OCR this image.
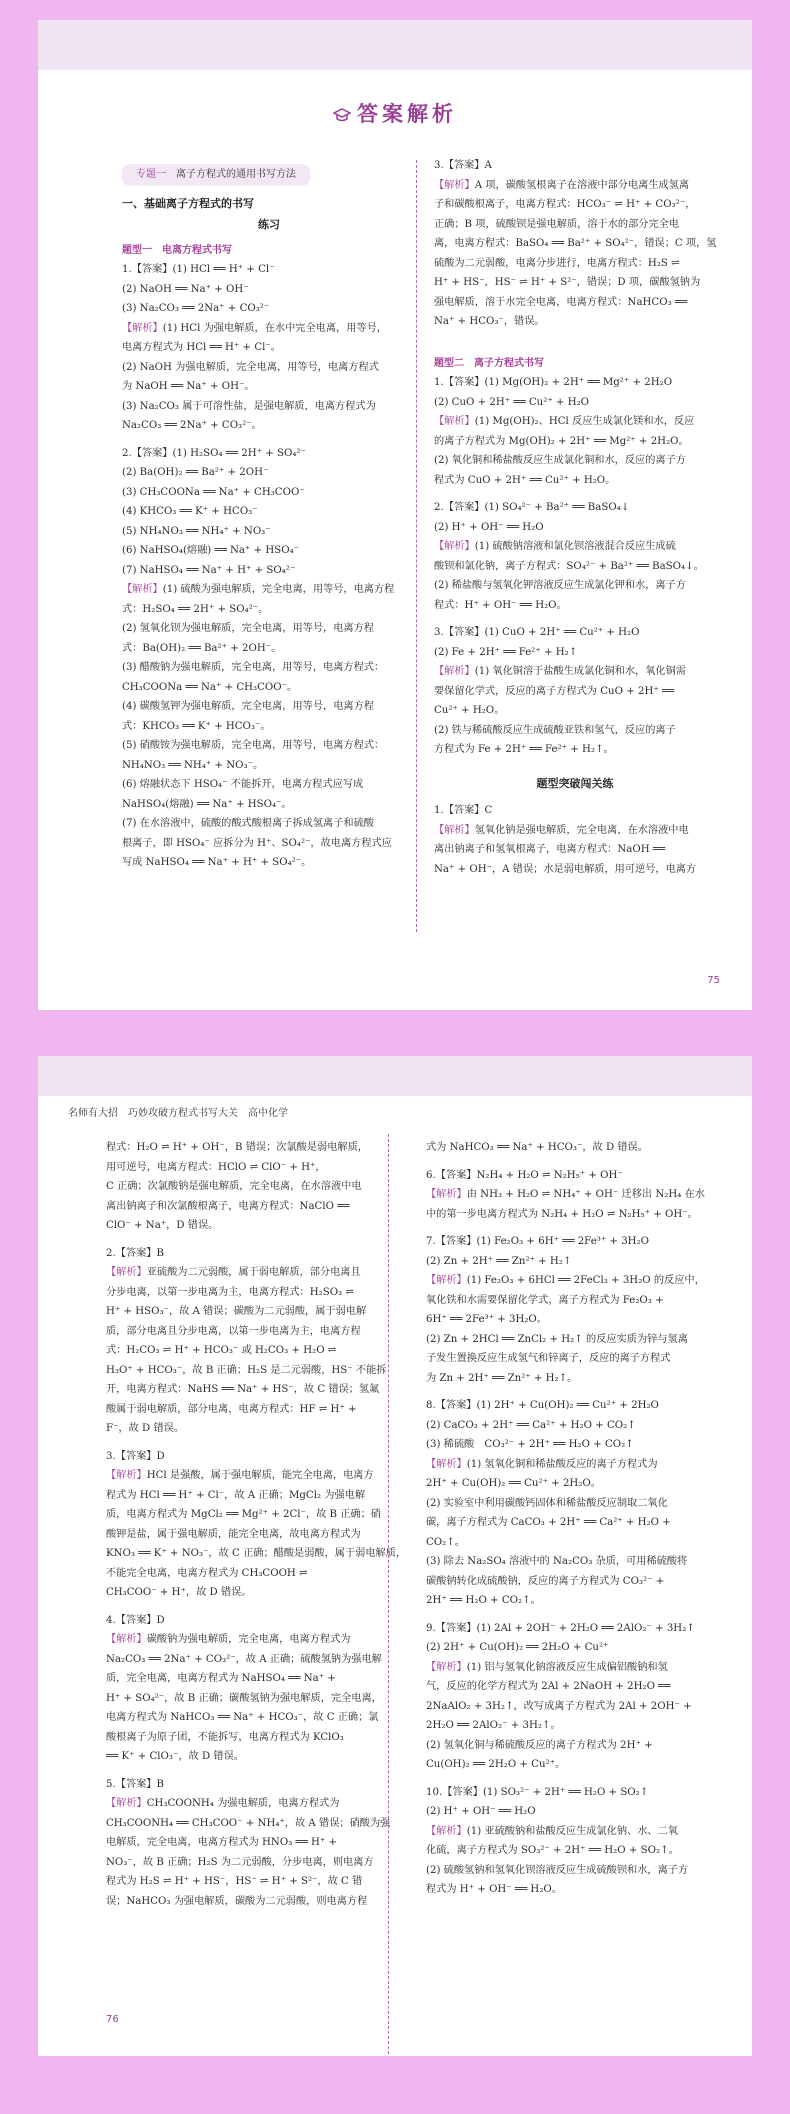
答案解析
专题一 离子方程式的通用书写方法
一、基础离子方程式的书写
练习
题型一　电离方程式书写
1.【答案】(1) HCl ══ H⁺ + Cl⁻
(2) NaOH ══ Na⁺ + OH⁻
(3) Na₂CO₃ ══ 2Na⁺ + CO₃²⁻
【解析】(1) HCl 为强电解质，在水中完全电离，用等号，
电离方程式为 HCl ══ H⁺ + Cl⁻。
(2) NaOH 为强电解质，完全电离，用等号，电离方程式
为 NaOH ══ Na⁺ + OH⁻。
(3) Na₂CO₃ 属于可溶性盐，是强电解质，电离方程式为
Na₂CO₃ ══ 2Na⁺ + CO₃²⁻。
2.【答案】(1) H₂SO₄ ══ 2H⁺ + SO₄²⁻
(2) Ba(OH)₂ ══ Ba²⁺ + 2OH⁻
(3) CH₃COONa ══ Na⁺ + CH₃COO⁻
(4) KHCO₃ ══ K⁺ + HCO₃⁻
(5) NH₄NO₃ ══ NH₄⁺ + NO₃⁻
(6) NaHSO₄(熔融) ══ Na⁺ + HSO₄⁻
(7) NaHSO₄ ══ Na⁺ + H⁺ + SO₄²⁻
【解析】(1) 硫酸为强电解质，完全电离，用等号，电离方程
式：H₂SO₄ ══ 2H⁺ + SO₄²⁻。
(2) 氢氧化钡为强电解质，完全电离，用等号，电离方程
式：Ba(OH)₂ ══ Ba²⁺ + 2OH⁻。
(3) 醋酸钠为强电解质，完全电离，用等号，电离方程式：
CH₃COONa ══ Na⁺ + CH₃COO⁻。
(4) 碳酸氢钾为强电解质，完全电离，用等号，电离方程
式：KHCO₃ ══ K⁺ + HCO₃⁻。
(5) 硝酸铵为强电解质，完全电离，用等号，电离方程式：
NH₄NO₃ ══ NH₄⁺ + NO₃⁻。
(6) 熔融状态下 HSO₄⁻ 不能拆开，电离方程式应写成
NaHSO₄(熔融) ══ Na⁺ + HSO₄⁻。
(7) 在水溶液中，硫酸的酸式酸根离子拆成氢离子和硫酸
根离子，即 HSO₄⁻ 应拆分为 H⁺、SO₄²⁻，故电离方程式应
写成 NaHSO₄ ══ Na⁺ + H⁺ + SO₄²⁻。
3.【答案】A
【解析】A 项，碳酸氢根离子在溶液中部分电离生成氢离
子和碳酸根离子，电离方程式：HCO₃⁻ ⇌ H⁺ + CO₃²⁻，
正确；B 项，硫酸钡是强电解质，溶于水的部分完全电
离，电离方程式：BaSO₄ ══ Ba²⁺ + SO₄²⁻，错误；C 项，氢
硫酸为二元弱酸，电离分步进行，电离方程式：H₂S ⇌
H⁺ + HS⁻，HS⁻ ⇌ H⁺ + S²⁻，错误；D 项，碳酸氢钠为
强电解质，溶于水完全电离，电离方程式：NaHCO₃ ══
Na⁺ + HCO₃⁻，错误。
题型二　离子方程式书写
1.【答案】(1) Mg(OH)₂ + 2H⁺ ══ Mg²⁺ + 2H₂O
(2) CuO + 2H⁺ ══ Cu²⁺ + H₂O
【解析】(1) Mg(OH)₂、HCl 反应生成氯化镁和水，反应
的离子方程式为 Mg(OH)₂ + 2H⁺ ══ Mg²⁺ + 2H₂O。
(2) 氧化铜和稀盐酸反应生成氯化铜和水，反应的离子方
程式为 CuO + 2H⁺ ══ Cu²⁺ + H₂O。
2.【答案】(1) SO₄²⁻ + Ba²⁺ ══ BaSO₄↓
(2) H⁺ + OH⁻ ══ H₂O
【解析】(1) 硫酸钠溶液和氯化钡溶液混合反应生成硫
酸钡和氯化钠，离子方程式：SO₄²⁻ + Ba²⁺ ══ BaSO₄↓。
(2) 稀盐酸与氢氧化钾溶液反应生成氯化钾和水，离子方
程式：H⁺ + OH⁻ ══ H₂O。
3.【答案】(1) CuO + 2H⁺ ══ Cu²⁺ + H₂O
(2) Fe + 2H⁺ ══ Fe²⁺ + H₂↑
【解析】(1) 氧化铜溶于盐酸生成氯化铜和水，氧化铜需
要保留化学式，反应的离子方程式为 CuO + 2H⁺ ══
Cu²⁺ + H₂O。
(2) 铁与稀硫酸反应生成硫酸亚铁和氢气，反应的离子
方程式为 Fe + 2H⁺ ══ Fe²⁺ + H₂↑。
题型突破闯关练
1.【答案】C
【解析】氢氧化钠是强电解质，完全电离，在水溶液中电
离出钠离子和氢氧根离子，电离方程式：NaOH ══
Na⁺ + OH⁻，A 错误；水是弱电解质，用可逆号，电离方
75
名师有大招　巧妙攻破方程式书写大关　高中化学
程式：H₂O ⇌ H⁺ + OH⁻，B 错误；次氯酸是弱电解质，
用可逆号，电离方程式：HClO ⇌ ClO⁻ + H⁺，
C 正确；次氯酸钠是强电解质，完全电离，在水溶液中电
离出钠离子和次氯酸根离子，电离方程式：NaClO ══
ClO⁻ + Na⁺，D 错误。
2.【答案】B
【解析】亚硫酸为二元弱酸，属于弱电解质，部分电离且
分步电离，以第一步电离为主，电离方程式：H₂SO₃ ⇌
H⁺ + HSO₃⁻，故 A 错误；碳酸为二元弱酸，属于弱电解
质，部分电离且分步电离，以第一步电离为主，电离方程
式：H₂CO₃ ⇌ H⁺ + HCO₃⁻ 或 H₂CO₃ + H₂O ⇌
H₃O⁺ + HCO₃⁻，故 B 正确；H₂S 是二元弱酸，HS⁻ 不能拆
开，电离方程式：NaHS ══ Na⁺ + HS⁻，故 C 错误；氢氟
酸属于弱电解质，部分电离，电离方程式：HF ⇌ H⁺ +
F⁻，故 D 错误。
3.【答案】D
【解析】HCl 是强酸，属于强电解质，能完全电离，电离方
程式为 HCl ══ H⁺ + Cl⁻，故 A 正确；MgCl₂ 为强电解
质，电离方程式为 MgCl₂ ══ Mg²⁺ + 2Cl⁻，故 B 正确；硝
酸钾是盐，属于强电解质，能完全电离，故电离方程式为
KNO₃ ══ K⁺ + NO₃⁻，故 C 正确；醋酸是弱酸，属于弱电解质，
不能完全电离，电离方程式为 CH₃COOH ⇌
CH₃COO⁻ + H⁺，故 D 错误。
4.【答案】D
【解析】碳酸钠为强电解质，完全电离，电离方程式为
Na₂CO₃ ══ 2Na⁺ + CO₃²⁻，故 A 正确；硫酸氢钠为强电解
质，完全电离，电离方程式为 NaHSO₄ ══ Na⁺ +
H⁺ + SO₄²⁻，故 B 正确；碳酸氢钠为强电解质，完全电离，
电离方程式为 NaHCO₃ ══ Na⁺ + HCO₃⁻，故 C 正确；氯
酸根离子为原子团，不能拆写，电离方程式为 KClO₃
══ K⁺ + ClO₃⁻，故 D 错误。
5.【答案】B
【解析】CH₃COONH₄ 为强电解质，电离方程式为
CH₃COONH₄ ══ CH₃COO⁻ + NH₄⁺，故 A 错误；硝酸为强
电解质，完全电离，电离方程式为 HNO₃ ══ H⁺ +
NO₃⁻，故 B 正确；H₂S 为二元弱酸，分步电离，则电离方
程式为 H₂S ⇌ H⁺ + HS⁻，HS⁻ ⇌ H⁺ + S²⁻，故 C 错
误；NaHCO₃ 为强电解质，碳酸为二元弱酸，则电离方程
式为 NaHCO₃ ══ Na⁺ + HCO₃⁻，故 D 错误。
6.【答案】N₂H₄ + H₂O ⇌ N₂H₅⁺ + OH⁻
【解析】由 NH₃ + H₂O ⇌ NH₄⁺ + OH⁻ 迁移出 N₂H₄ 在水
中的第一步电离方程式为 N₂H₄ + H₂O ⇌ N₂H₅⁺ + OH⁻。
7.【答案】(1) Fe₂O₃ + 6H⁺ ══ 2Fe³⁺ + 3H₂O
(2) Zn + 2H⁺ ══ Zn²⁺ + H₂↑
【解析】(1) Fe₂O₃ + 6HCl ══ 2FeCl₃ + 3H₂O 的反应中，
氧化铁和水需要保留化学式，离子方程式为 Fe₂O₃ +
6H⁺ ══ 2Fe³⁺ + 3H₂O。
(2) Zn + 2HCl ══ ZnCl₂ + H₂↑ 的反应实质为锌与氢离
子发生置换反应生成氢气和锌离子，反应的离子方程式
为 Zn + 2H⁺ ══ Zn²⁺ + H₂↑。
8.【答案】(1) 2H⁺ + Cu(OH)₂ ══ Cu²⁺ + 2H₂O
(2) CaCO₃ + 2H⁺ ══ Ca²⁺ + H₂O + CO₂↑
(3) 稀硫酸　CO₃²⁻ + 2H⁺ ══ H₂O + CO₂↑
【解析】(1) 氢氧化铜和稀盐酸反应的离子方程式为
2H⁺ + Cu(OH)₂ ══ Cu²⁺ + 2H₂O。
(2) 实验室中利用碳酸钙固体和稀盐酸反应制取二氧化
碳，离子方程式为 CaCO₃ + 2H⁺ ══ Ca²⁺ + H₂O +
CO₂↑。
(3) 除去 Na₂SO₄ 溶液中的 Na₂CO₃ 杂质，可用稀硫酸将
碳酸钠转化成硫酸钠，反应的离子方程式为 CO₃²⁻ +
2H⁺ ══ H₂O + CO₂↑。
9.【答案】(1) 2Al + 2OH⁻ + 2H₂O ══ 2AlO₂⁻ + 3H₂↑
(2) 2H⁺ + Cu(OH)₂ ══ 2H₂O + Cu²⁺
【解析】(1) 铝与氢氧化钠溶液反应生成偏铝酸钠和氢
气，反应的化学方程式为 2Al + 2NaOH + 2H₂O ══
2NaAlO₂ + 3H₂↑，改写成离子方程式为 2Al + 2OH⁻ +
2H₂O ══ 2AlO₂⁻ + 3H₂↑。
(2) 氢氧化铜与稀硫酸反应的离子方程式为 2H⁺ +
Cu(OH)₂ ══ 2H₂O + Cu²⁺。
10.【答案】(1) SO₃²⁻ + 2H⁺ ══ H₂O + SO₂↑
(2) H⁺ + OH⁻ ══ H₂O
【解析】(1) 亚硫酸钠和盐酸反应生成氯化钠、水、二氧
化硫，离子方程式为 SO₃²⁻ + 2H⁺ ══ H₂O + SO₂↑。
(2) 硫酸氢钠和氢氧化钡溶液反应生成硫酸钡和水，离子方
程式为 H⁺ + OH⁻ ══ H₂O。
76
